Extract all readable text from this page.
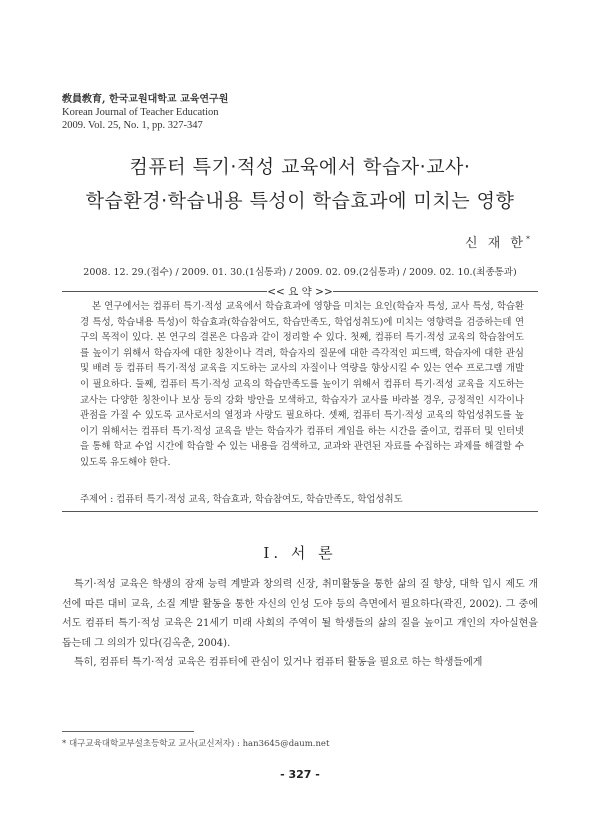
敎員敎育, 한국교원대학교 교육연구원
Korean Journal of Teacher Education
2009. Vol. 25, No. 1, pp. 327-347
컴퓨터 특기·적성 교육에서 학습자·교사·
학습환경·학습내용 특성이 학습효과에 미치는 영향
신 재 한*
2008. 12. 29.(접수) / 2009. 01. 30.(1심통과) / 2009. 02. 09.(2심통과) / 2009. 02. 10.(최종통과)
<< 요 약 >>
본 연구에서는 컴퓨터 특기·적성 교육에서 학습효과에 영향을 미치는 요인(학습자 특성, 교사 특성, 학습환경 특성, 학습내용 특성)이 학습효과(학습참여도, 학습만족도, 학업성취도)에 미치는 영향력을 검증하는데 연구의 목적이 있다. 본 연구의 결론은 다음과 같이 정리할 수 있다. 첫째, 컴퓨터 특기·적성 교육의 학습참여도를 높이기 위해서 학습자에 대한 칭찬이나 격려, 학습자의 질문에 대한 즉각적인 피드백, 학습자에 대한 관심 및 배려 등 컴퓨터 특기·적성 교육을 지도하는 교사의 자질이나 역량을 향상시킬 수 있는 연수 프로그램 개발이 필요하다. 둘째, 컴퓨터 특기·적성 교육의 학습만족도를 높이기 위해서 컴퓨터 특기·적성 교육을 지도하는 교사는 다양한 칭찬이나 보상 등의 강화 방안을 모색하고, 학습자가 교사를 바라볼 경우, 긍정적인 시각이나 관점을 가질 수 있도록 교사로서의 열정과 사랑도 필요하다. 셋째, 컴퓨터 특기·적성 교육의 학업성취도를 높이기 위해서는 컴퓨터 특기·적성 교육을 받는 학습자가 컴퓨터 게임을 하는 시간을 줄이고, 컴퓨터 및 인터넷을 통해 학교 수업 시간에 학습할 수 있는 내용을 검색하고, 교과와 관련된 자료를 수집하는 과제를 해결할 수 있도록 유도해야 한다.
주제어 : 컴퓨터 특기·적성 교육, 학습효과, 학습참여도, 학습만족도, 학업성취도
Ⅰ. 서 론

특기·적성 교육은 학생의 잠재 능력 계발과 창의력 신장, 취미활동을 통한 삶의 질 향상, 대학 입시 제도 개선에 따른 대비 교육, 소질 계발 활동을 통한 자신의 인성 도야 등의 측면에서 필요하다(곽진, 2002). 그 중에서도 컴퓨터 특기·적성 교육은 21세기 미래 사회의 주역이 될 학생들의 삶의 질을 높이고 개인의 자아실현을 돕는데 그 의의가 있다(김옥춘, 2004).

특히, 컴퓨터 특기·적성 교육은 컴퓨터에 관심이 있거나 컴퓨터 활동을 필요로 하는 학생들에게

* 대구교육대학교부설초등학교 교사(교신저자) : han3645@daum.net
- 327 -
